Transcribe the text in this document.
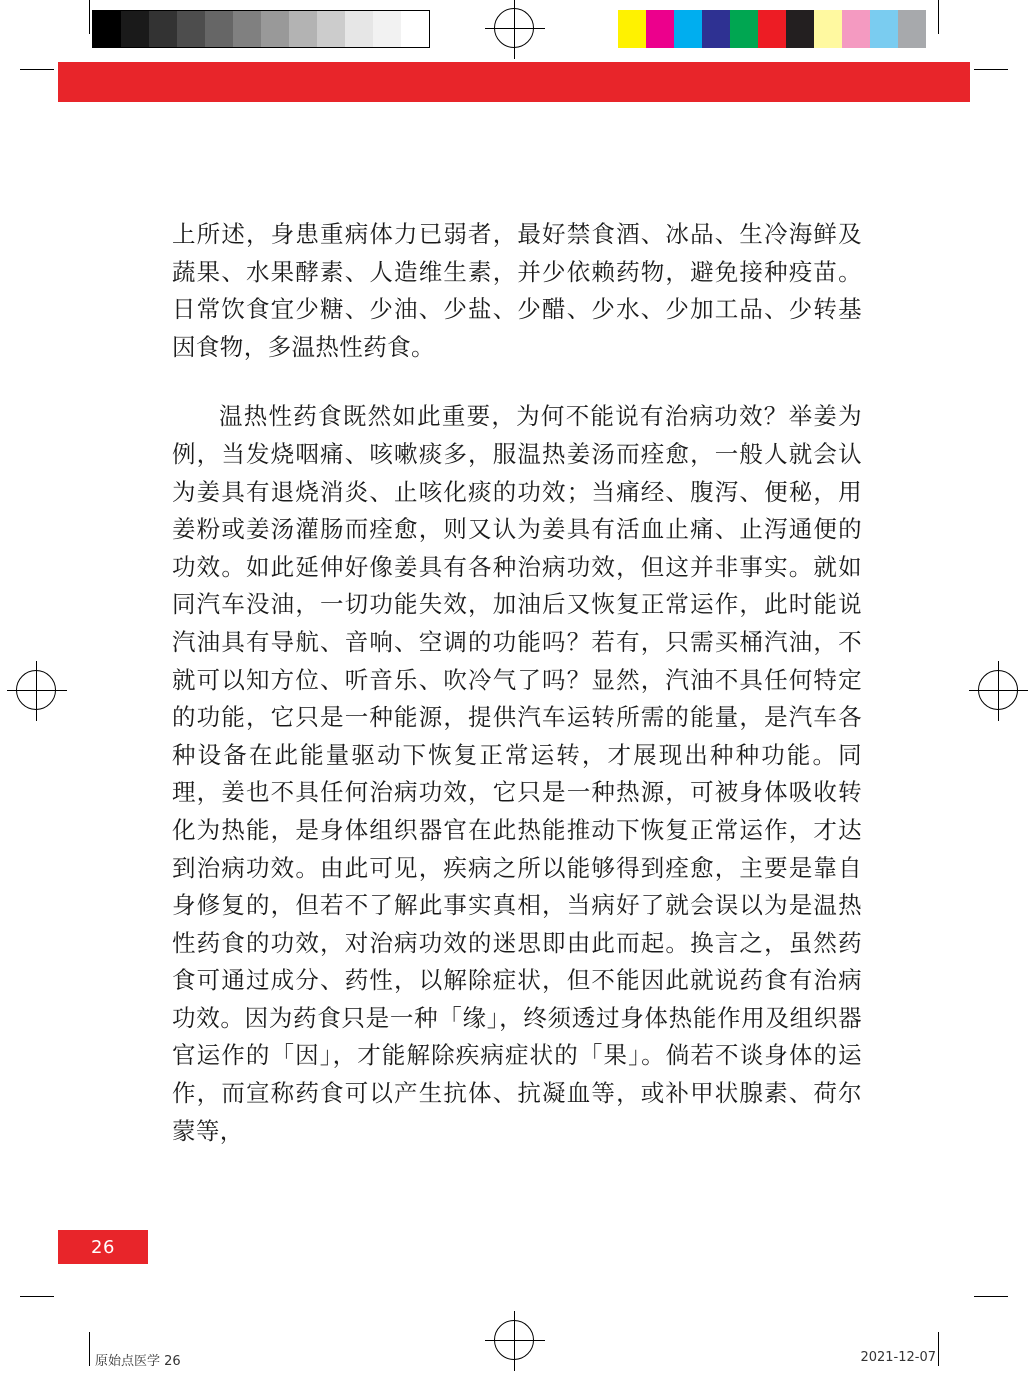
上所述，身患重病体力已弱者，最好禁食酒、冰品、生冷海鲜及蔬果、水果酵素、人造维生素，并少依赖药物，避免接种疫苗。日常饮食宜少糖、少油、少盐、少醋、少水、少加工品、少转基因食物，多温热性药食。

温热性药食既然如此重要，为何不能说有治病功效？举姜为例，当发烧咽痛、咳嗽痰多，服温热姜汤而痊愈，一般人就会认为姜具有退烧消炎、止咳化痰的功效；当痛经、腹泻、便秘，用姜粉或姜汤灌肠而痊愈，则又认为姜具有活血止痛、止泻通便的功效。如此延伸好像姜具有各种治病功效，但这并非事实。就如同汽车没油，一切功能失效，加油后又恢复正常运作，此时能说汽油具有导航、音响、空调的功能吗？若有，只需买桶汽油，不就可以知方位、听音乐、吹冷气了吗？显然，汽油不具任何特定的功能，它只是一种能源，提供汽车运转所需的能量，是汽车各种设备在此能量驱动下恢复正常运转，才展现出种种功能。同理，姜也不具任何治病功效，它只是一种热源，可被身体吸收转化为热能，是身体组织器官在此热能推动下恢复正常运作，才达到治病功效。由此可见，疾病之所以能够得到痊愈，主要是靠自身修复的，但若不了解此事实真相，当病好了就会误以为是温热性药食的功效，对治病功效的迷思即由此而起。换言之，虽然药食可通过成分、药性，以解除症状，但不能因此就说药食有治病功效。因为药食只是一种「缘」，终须透过身体热能作用及组织器官运作的「因」，才能解除疾病症状的「果」。倘若不谈身体的运作，而宣称药食可以产生抗体、抗凝血等，或补甲状腺素、荷尔蒙等，

26
原始点医学 26	2021-12-07
